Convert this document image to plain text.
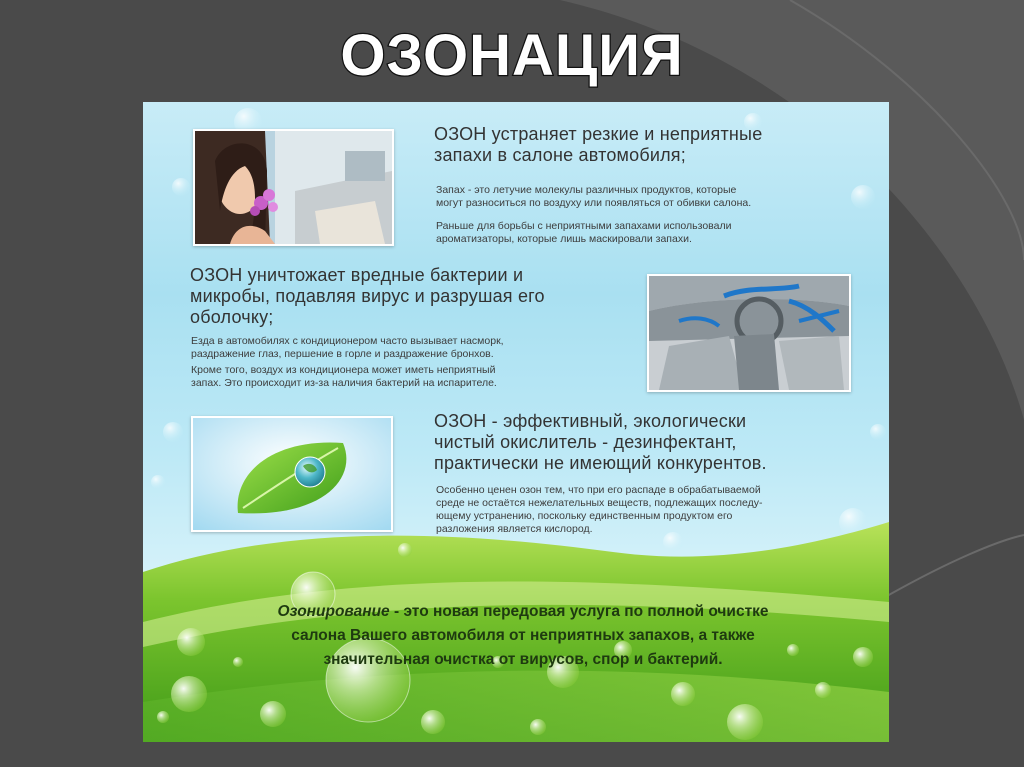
ОЗОНАЦИЯ
ОЗОН устраняет резкие и неприятные
запахи в салоне автомобиля;
Запах - это летучие молекулы различных продуктов, которые
могут разноситься по воздуху или появляться от обивки салона.
Раньше для борьбы с неприятными запахами использовали
ароматизаторы, которые лишь маскировали запахи.
ОЗОН уничтожает вредные бактерии и
микробы, подавляя вирус и разрушая его
оболочку;
Езда в автомобилях с кондиционером часто вызывает насморк,
раздражение глаз, першение в горле и раздражение бронхов.
Кроме того, воздух из кондиционера может иметь неприятный
запах. Это происходит из-за наличия бактерий на испарителе.
ОЗОН - эффективный, экологически
чистый окислитель - дезинфектант,
практически не имеющий конкурентов.
Особенно ценен озон тем, что при его распаде в обрабатываемой
среде не остаётся нежелательных веществ, подлежащих последу-
ющему устранению, поскольку единственным продуктом его
разложения является кислород.
Озонирование - это новая передовая услуга по полной очистке
салона Вашего автомобиля от неприятных запахов, а также
значительная очистка от вирусов, спор и бактерий.
